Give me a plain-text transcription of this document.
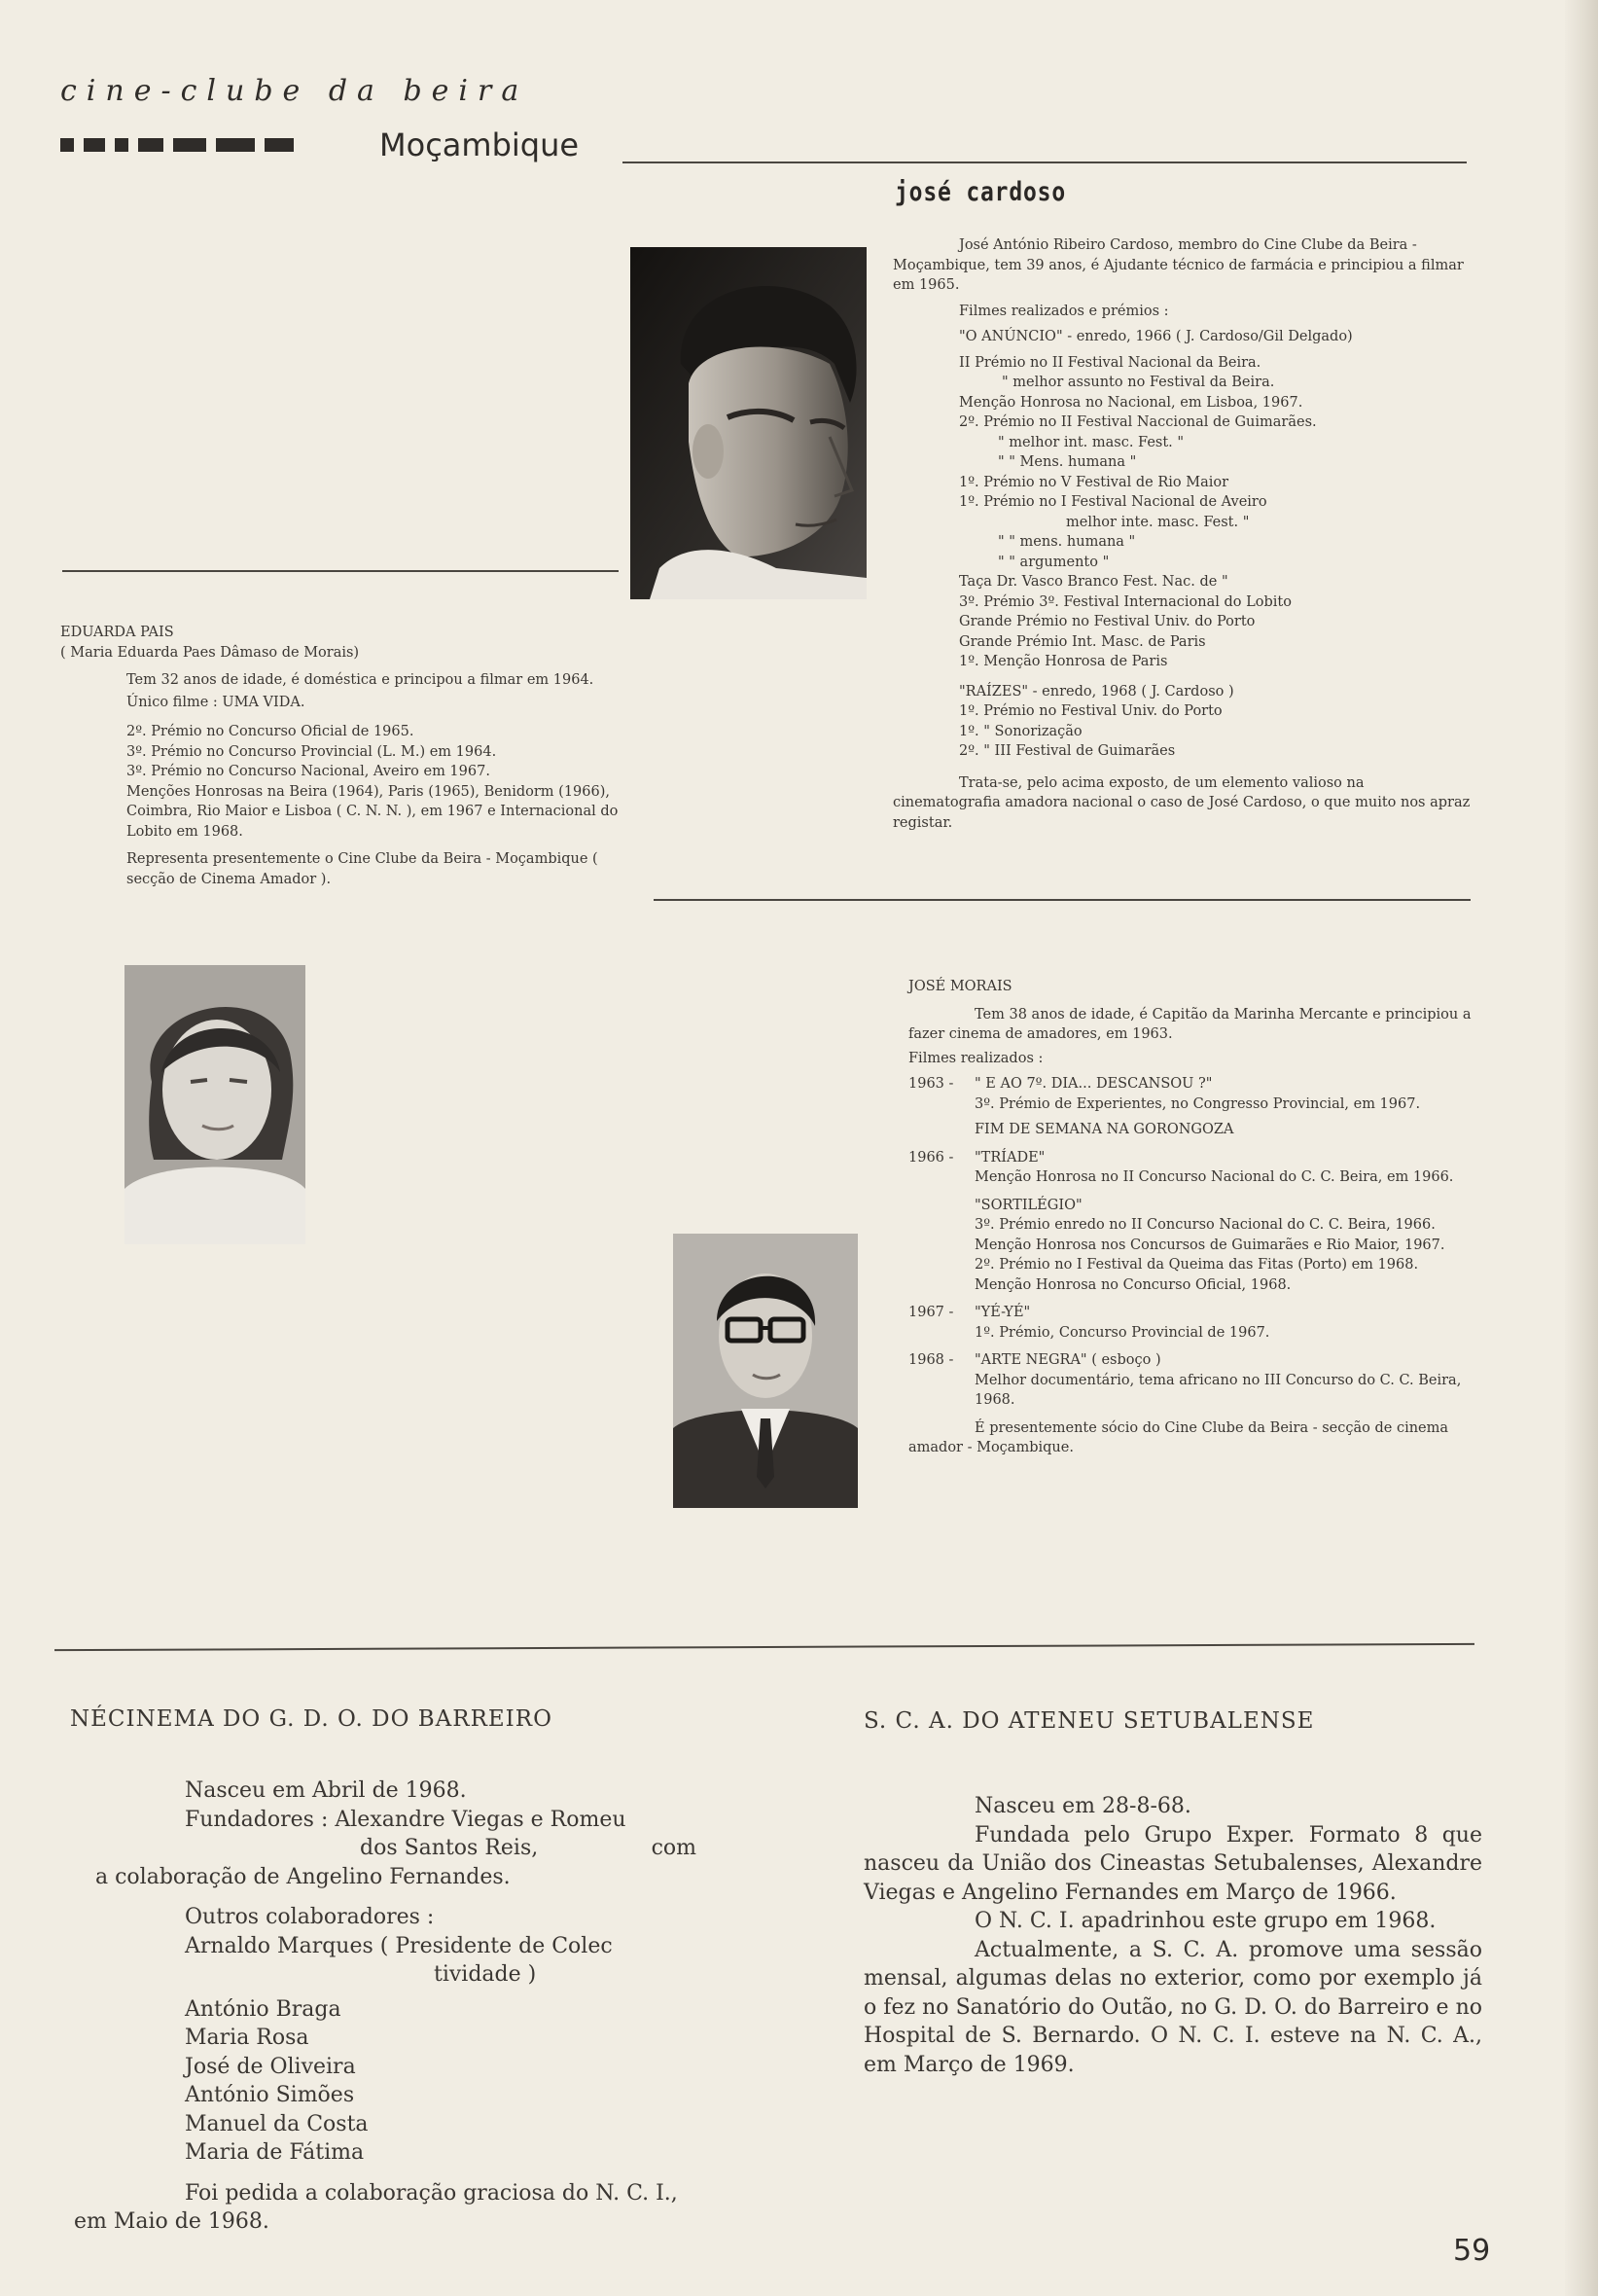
cine-clube da beira
Moçambique
josé cardoso

José António Ribeiro Cardoso, membro do Cine Clube da Beira - Moçambique, tem 39 anos, é Ajudante técnico de farmácia e principiou a filmar em 1965.

Filmes realizados e prémios :

"O ANÚNCIO" - enredo, 1966 ( J. Cardoso/Gil Delgado)

II Prémio no II Festival Nacional da Beira.

" melhor assunto no Festival da Beira.

Menção Honrosa no Nacional, em Lisboa, 1967.

2º. Prémio no II Festival Naccional de Guimarães.

" melhor int. masc. Fest. "

" " Mens. humana "

1º. Prémio no V Festival de Rio Maior

1º. Prémio no I Festival Nacional de Aveiro

melhor inte. masc. Fest. "

" " mens. humana "

" " argumento "

Taça Dr. Vasco Branco Fest. Nac. de "

3º. Prémio 3º. Festival Internacional do Lobito

Grande Prémio no Festival Univ. do Porto

Grande Prémio Int. Masc. de Paris

1º. Menção Honrosa de Paris

"RAÍZES" - enredo, 1968 ( J. Cardoso )

1º. Prémio no Festival Univ. do Porto

1º. " Sonorização

2º. " III Festival de Guimarães

Trata-se, pelo acima exposto, de um elemento valioso na cinematografia amadora nacional o caso de José Cardoso, o que muito nos apraz registar.

EDUARDA PAIS

( Maria Eduarda Paes Dâmaso de Morais)

Tem 32 anos de idade, é doméstica e principou a filmar em 1964.

Único filme : UMA VIDA.

2º. Prémio no Concurso Oficial de 1965.

3º. Prémio no Concurso Provincial (L. M.) em 1964.

3º. Prémio no Concurso Nacional, Aveiro em 1967.

Menções Honrosas na Beira (1964), Paris (1965), Benidorm (1966), Coimbra, Rio Maior e Lisboa ( C. N. N. ), em 1967 e Internacional do Lobito em 1968.

Representa presentemente o Cine Clube da Beira - Moçambique ( secção de Cinema Amador ).

JOSÉ MORAIS

Tem 38 anos de idade, é Capitão da Marinha Mercante e principiou a fazer cinema de amadores, em 1963.

Filmes realizados :

1963 -	" E AO 7º. DIA... DESCANSOU ?"

3º. Prémio de Experientes, no Congresso Provincial, em 1967.

FIM DE SEMANA NA GORONGOZA

1966 -	"TRÍADE"

Menção Honrosa no II Concurso Nacional do C. C. Beira, em 1966.

"SORTILÉGIO"

3º. Prémio enredo no II Concurso Nacional do C. C. Beira, 1966.

Menção Honrosa nos Concursos de Guimarães e Rio Maior, 1967.

2º. Prémio no I Festival da Queima das Fitas (Porto) em 1968.

Menção Honrosa no Concurso Oficial, 1968.

1967 -	"YÉ-YÉ"

1º. Prémio, Concurso Provincial de 1967.

1968 -	"ARTE NEGRA" ( esboço )

Melhor documentário, tema africano no III Concurso do C. C. Beira, 1968.

É presentemente sócio do Cine Clube da Beira - secção de cinema amador - Moçambique.

NÉCINEMA DO G. D. O. DO BARREIRO

Nasceu em Abril de 1968.

Fundadores : Alexandre Viegas e Romeu

dos Santos Reis,	com

a colaboração de Angelino Fernandes.

Outros colaboradores :

Arnaldo Marques ( Presidente de Colec

tividade )

António Braga

Maria Rosa

José de Oliveira

António Simões

Manuel da Costa

Maria de Fátima

Foi pedida a colaboração graciosa do N. C. I., em Maio de 1968.

S. C. A. DO ATENEU SETUBALENSE

Nasceu em 28-8-68.

Fundada pelo Grupo Exper. Formato 8 que nasceu da União dos Cineastas Setubalenses, Alexandre Viegas e Angelino Fernandes em Março de 1966.

O N. C. I. apadrinhou este grupo em 1968.

Actualmente, a S. C. A. promove uma sessão mensal, algumas delas no exterior, como por exemplo já o fez no Sanatório do Outão, no G. D. O. do Barreiro e no Hospital de S. Bernardo. O N. C. I. esteve na N. C. A., em Março de 1969.

59
